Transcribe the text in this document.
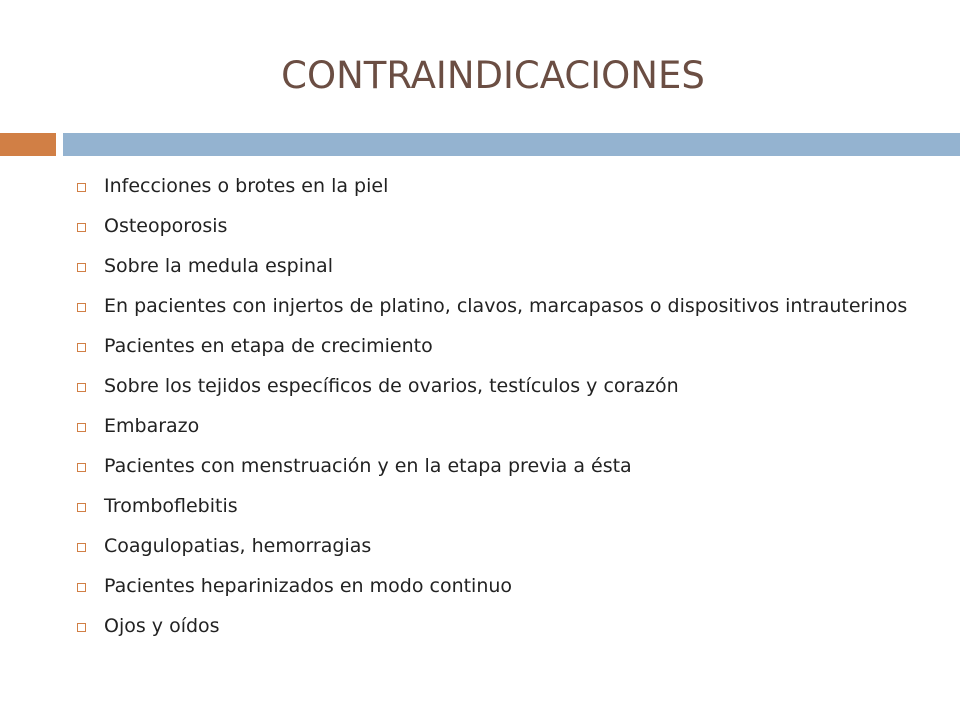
CONTRAINDICACIONES
Infecciones o brotes en la piel
Osteoporosis
Sobre la medula espinal
En pacientes con injertos de platino, clavos, marcapasos o dispositivos intrauterinos
Pacientes en etapa de crecimiento
Sobre los tejidos específicos de ovarios, testículos y corazón
Embarazo
Pacientes con menstruación y en la etapa previa a ésta
Tromboflebitis
Coagulopatias, hemorragias
Pacientes heparinizados en modo continuo
Ojos y oídos
